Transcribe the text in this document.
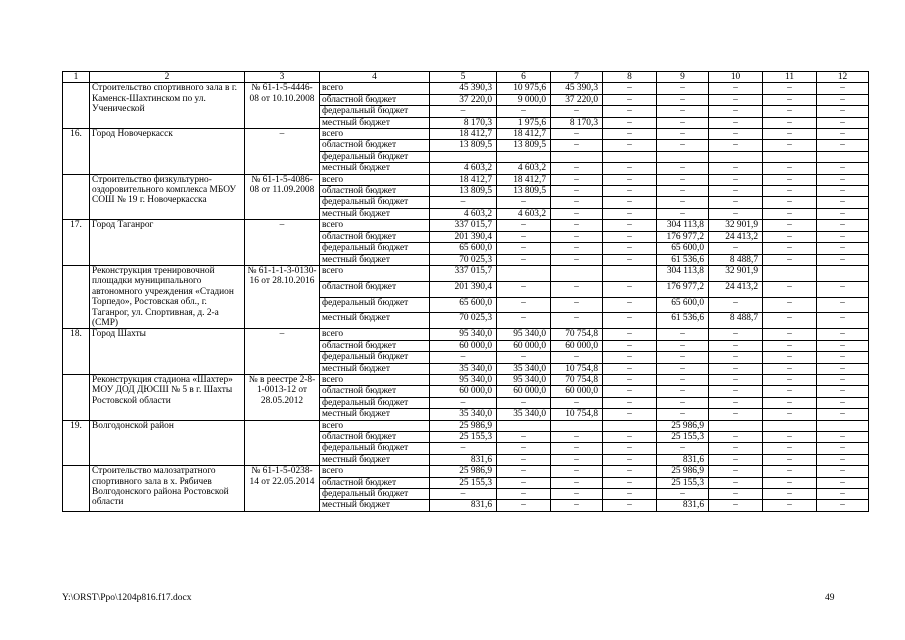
1	2	3	4	5	6	7	8	9	10	11	12
	Строительство спортивного зала в г. Каменск-Шахтинском по ул. Ученической	№ 61-1-5-4446-08 от 10.10.2008	всего	45 390,3	10 975,6	45 390,3	–	–	–	–	–
			областной бюджет	37 220,0	9 000,0	37 220,0	–	–	–	–	–
			федеральный бюджет	–	–	–	–	–	–	–	–
			местный бюджет	8 170,3	1 975,6	8 170,3	–	–	–	–	–
16.	Город Новочеркасск	–	всего	18 412,7	18 412,7	–	–	–	–	–	–
			областной бюджет	13 809,5	13 809,5	–	–	–	–	–	–
			федеральный бюджет								
			местный бюджет	4 603,2	4 603,2	–	–	–	–	–	–
	Строительство физкультурно-оздоровительного комплекса МБОУ СОШ № 19 г. Новочеркасска	№ 61-1-5-4086-08 от 11.09.2008	всего	18 412,7	18 412,7	–	–	–	–	–	–
			областной бюджет	13 809,5	13 809,5	–	–	–	–	–	–
			федеральный бюджет	–	–	–	–	–	–	–	–
			местный бюджет	4 603,2	4 603,2	–	–	–	–	–	–
17.	Город Таганрог	–	всего	337 015,7	–	–	–	304 113,8	32 901,9	–	–
			областной бюджет	201 390,4	–	–	–	176 977,2	24 413,2	–	–
			федеральный бюджет	65 600,0	–	–	–	65 600,0	–	–	–
			местный бюджет	70 025,3	–	–	–	61 536,6	8 488,7	–	–
	Реконструкция тренировочной площадки муниципального автономного учреждения «Стадион Торпедо», Ростовская обл., г. Таганрог, ул. Спортивная, д. 2-а (СМР)	№ 61-1-1-3-0130-16 от 28.10.2016	всего	337 015,7				304 113,8	32 901,9		
			областной бюджет	201 390,4	–	–	–	176 977,2	24 413,2	–	–
			федеральный бюджет	65 600,0	–	–	–	65 600,0	–	–	–
			местный бюджет	70 025,3	–	–	–	61 536,6	8 488,7	–	–
18.	Город Шахты	–	всего	95 340,0	95 340,0	70 754,8	–	–	–	–	–
			областной бюджет	60 000,0	60 000,0	60 000,0	–	–	–	–	–
			федеральный бюджет	–	–	–	–	–	–	–	–
			местный бюджет	35 340,0	35 340,0	10 754,8	–	–	–	–	–
	Реконструкция стадиона «Шахтер» МОУ ДОД ДЮСШ № 5 в г. Шахты Ростовской области	№ в реестре 2-8-1-0013-12 от 28.05.2012	всего	95 340,0	95 340,0	70 754,8	–	–	–	–	–
			областной бюджет	60 000,0	60 000,0	60 000,0	–	–	–	–	–
			федеральный бюджет	–	–	–	–	–	–	–	–
			местный бюджет	35 340,0	35 340,0	10 754,8	–	–	–	–	–
19.	Волгодонской район		всего	25 986,9				25 986,9			
			областной бюджет	25 155,3	–	–	–	25 155,3	–	–	–
			федеральный бюджет	–	–	–	–	–	–	–	–
			местный бюджет	831,6	–	–	–	831,6	–	–	–
	Строительство малозатратного спортивного зала в х. Рябичев Волгодонского района Ростовской области	№ 61-1-5-0238-14 от 22.05.2014	всего	25 986,9	–	–	–	25 986,9	–	–	–
			областной бюджет	25 155,3	–	–	–	25 155,3	–	–	–
			федеральный бюджет	–	–	–	–	–	–	–	–
			местный бюджет	831,6	–	–	–	831,6	–	–	–
Y:\ORST\Ppo\1204p816.f17.docx	49
